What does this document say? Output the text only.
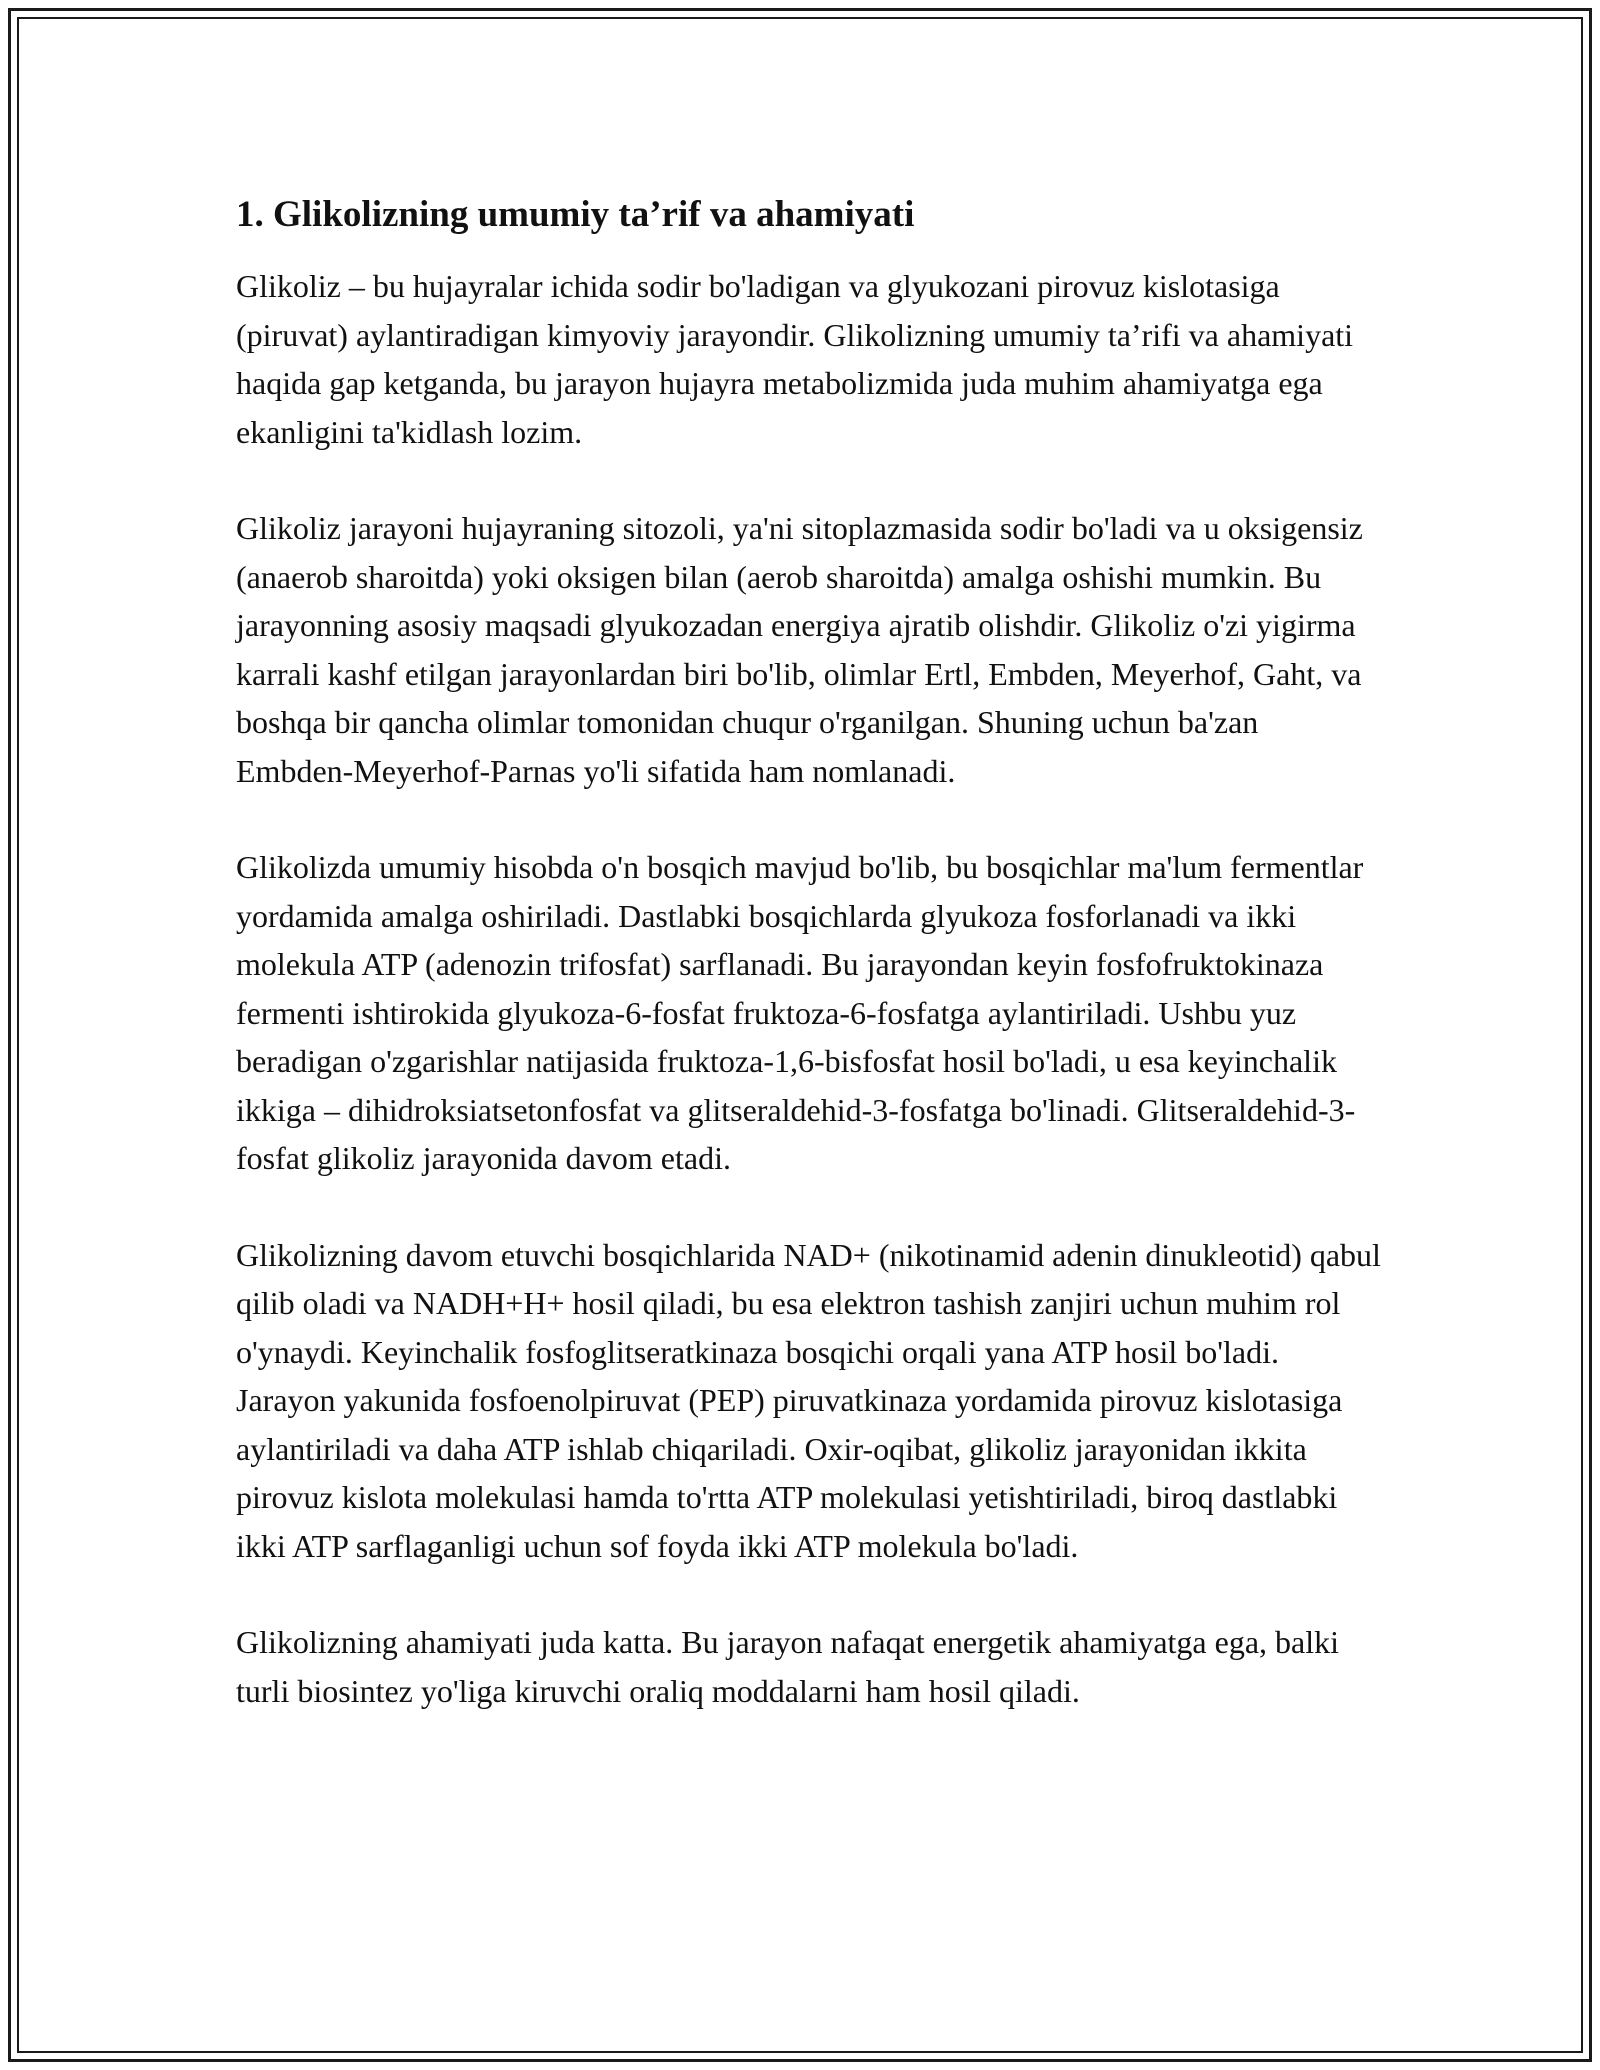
1. Glikolizning umumiy ta’rif va ahamiyati

Glikoliz – bu hujayralar ichida sodir bo'ladigan va glyukozani pirovuz kislotasiga (piruvat) aylantiradigan kimyoviy jarayondir. Glikolizning umumiy ta’rifi va ahamiyati haqida gap ketganda, bu jarayon hujayra metabolizmida juda muhim ahamiyatga ega ekanligini ta'kidlash lozim.

Glikoliz jarayoni hujayraning sitozoli, ya'ni sitoplazmasida sodir bo'ladi va u oksigensiz (anaerob sharoitda) yoki oksigen bilan (aerob sharoitda) amalga oshishi mumkin. Bu jarayonning asosiy maqsadi glyukozadan energiya ajratib olishdir. Glikoliz o'zi yigirma karrali kashf etilgan jarayonlardan biri bo'lib, olimlar Ertl, Embden, Meyerhof, Gaht, va boshqa bir qancha olimlar tomonidan chuqur o'rganilgan. Shuning uchun ba'zan Embden-Meyerhof-Parnas yo'li sifatida ham nomlanadi.

Glikolizda umumiy hisobda o'n bosqich mavjud bo'lib, bu bosqichlar ma'lum fermentlar yordamida amalga oshiriladi. Dastlabki bosqichlarda glyukoza fosforlanadi va ikki molekula ATP (adenozin trifosfat) sarflanadi. Bu jarayondan keyin fosfofruktokinaza fermenti ishtirokida glyukoza-6-fosfat fruktoza-6-fosfatga aylantiriladi. Ushbu yuz beradigan o'zgarishlar natijasida fruktoza-1,6-bisfosfat hosil bo'ladi, u esa keyinchalik ikkiga – dihidroksiatsetonfosfat va glitseraldehid-3-fosfatga bo'linadi. Glitseraldehid-3-fosfat glikoliz jarayonida davom etadi.

Glikolizning davom etuvchi bosqichlarida NAD+ (nikotinamid adenin dinukleotid) qabul qilib oladi va NADH+H+ hosil qiladi, bu esa elektron tashish zanjiri uchun muhim rol o'ynaydi. Keyinchalik fosfoglitseratkinaza bosqichi orqali yana ATP hosil bo'ladi. Jarayon yakunida fosfoenolpiruvat (PEP) piruvatkinaza yordamida pirovuz kislotasiga aylantiriladi va daha ATP ishlab chiqariladi. Oxir-oqibat, glikoliz jarayonidan ikkita pirovuz kislota molekulasi hamda to'rtta ATP molekulasi yetishtiriladi, biroq dastlabki ikki ATP sarflaganligi uchun sof foyda ikki ATP molekula bo'ladi.

Glikolizning ahamiyati juda katta. Bu jarayon nafaqat energetik ahamiyatga ega, balki turli biosintez yo'liga kiruvchi oraliq moddalarni ham hosil qiladi.
